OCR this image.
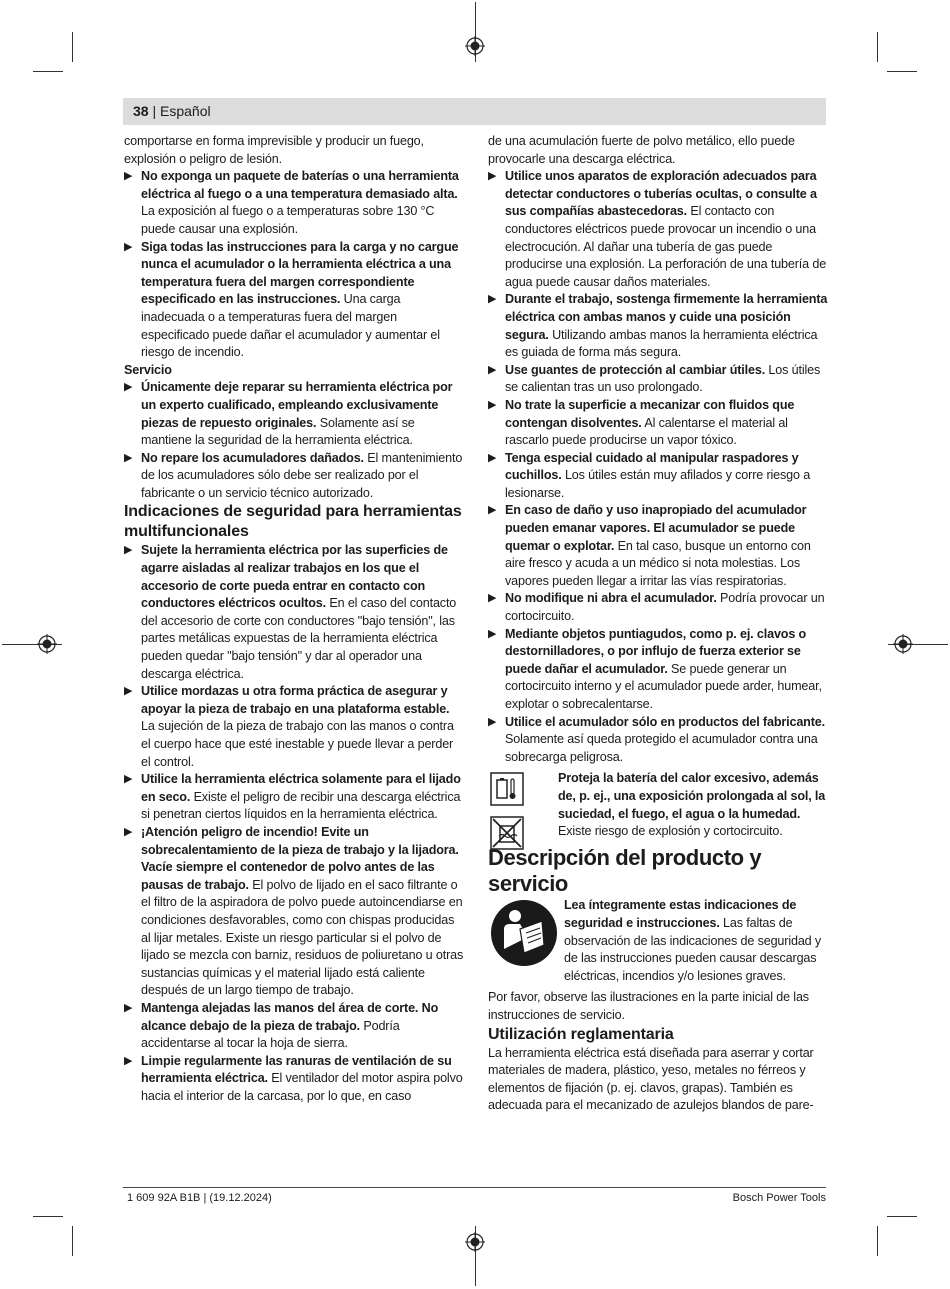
38 | Español

comportarse en forma imprevisible y producir un fuego, explosión o peligro de lesión.

▶ No exponga un paquete de baterías o una herramienta eléctrica al fuego o a una temperatura demasiado alta. La exposición al fuego o a temperaturas sobre 130 °C puede causar una explosión.

▶ Siga todas las instrucciones para la carga y no cargue nunca el acumulador o la herramienta eléctrica a una temperatura fuera del margen correspondiente especificado en las instrucciones. Una carga inadecuada o a temperaturas fuera del margen especificado puede dañar el acumulador y aumentar el riesgo de incendio.

Servicio

▶ Únicamente deje reparar su herramienta eléctrica por un experto cualificado, empleando exclusivamente piezas de repuesto originales. Solamente así se mantiene la seguridad de la herramienta eléctrica.

▶ No repare los acumuladores dañados. El mantenimiento de los acumuladores sólo debe ser realizado por el fabricante o un servicio técnico autorizado.

Indicaciones de seguridad para herramientas multifuncionales

▶ Sujete la herramienta eléctrica por las superficies de agarre aisladas al realizar trabajos en los que el accesorio de corte pueda entrar en contacto con conductores eléctricos ocultos. En el caso del contacto del accesorio de corte con conductores "bajo tensión", las partes metálicas expuestas de la herramienta eléctrica pueden quedar "bajo tensión" y dar al operador una descarga eléctrica.

▶ Utilice mordazas u otra forma práctica de asegurar y apoyar la pieza de trabajo en una plataforma estable. La sujeción de la pieza de trabajo con las manos o contra el cuerpo hace que esté inestable y puede llevar a perder el control.

▶ Utilice la herramienta eléctrica solamente para el lijado en seco. Existe el peligro de recibir una descarga eléctrica si penetran ciertos líquidos en la herramienta eléctrica.

▶ ¡Atención peligro de incendio! Evite un sobrecalentamiento de la pieza de trabajo y la lijadora. Vacíe siempre el contenedor de polvo antes de las pausas de trabajo. El polvo de lijado en el saco filtrante o el filtro de la aspiradora de polvo puede autoincendiarse en condiciones desfavorables, como con chispas producidas al lijar metales. Existe un riesgo particular si el polvo de lijado se mezcla con barniz, residuos de poliuretano u otras sustancias químicas y el material lijado está caliente después de un largo tiempo de trabajo.

▶ Mantenga alejadas las manos del área de corte. No alcance debajo de la pieza de trabajo. Podría accidentarse al tocar la hoja de sierra.

▶ Limpie regularmente las ranuras de ventilación de su herramienta eléctrica. El ventilador del motor aspira polvo hacia el interior de la carcasa, por lo que, en caso

de una acumulación fuerte de polvo metálico, ello puede provocarle una descarga eléctrica.

▶ Utilice unos aparatos de exploración adecuados para detectar conductores o tuberías ocultas, o consulte a sus compañías abastecedoras. El contacto con conductores eléctricos puede provocar un incendio o una electrocución. Al dañar una tubería de gas puede producirse una explosión. La perforación de una tubería de agua puede causar daños materiales.

▶ Durante el trabajo, sostenga firmemente la herramienta eléctrica con ambas manos y cuide una posición segura. Utilizando ambas manos la herramienta eléctrica es guiada de forma más segura.

▶ Use guantes de protección al cambiar útiles. Los útiles se calientan tras un uso prolongado.

▶ No trate la superficie a mecanizar con fluidos que contengan disolventes. Al calentarse el material al rascarlo puede producirse un vapor tóxico.

▶ Tenga especial cuidado al manipular raspadores y cuchillos. Los útiles están muy afilados y corre riesgo a lesionarse.

▶ En caso de daño y uso inapropiado del acumulador pueden emanar vapores. El acumulador se puede quemar o explotar. En tal caso, busque un entorno con aire fresco y acuda a un médico si nota molestias. Los vapores pueden llegar a irritar las vías respiratorias.

▶ No modifique ni abra el acumulador. Podría provocar un cortocircuito.

▶ Mediante objetos puntiagudos, como p. ej. clavos o destornilladores, o por influjo de fuerza exterior se puede dañar el acumulador. Se puede generar un cortocircuito interno y el acumulador puede arder, humear, explotar o sobrecalentarse.

▶ Utilice el acumulador sólo en productos del fabricante. Solamente así queda protegido el acumulador contra una sobrecarga peligrosa.

Proteja la batería del calor excesivo, además de, p. ej., una exposición prolongada al sol, la suciedad, el fuego, el agua o la humedad. Existe riesgo de explosión y cortocircuito.

Descripción del producto y servicio

Lea íntegramente estas indicaciones de seguridad e instrucciones. Las faltas de observación de las indicaciones de seguridad y de las instrucciones pueden causar descargas eléctricas, incendios y/o lesiones graves.

Por favor, observe las ilustraciones en la parte inicial de las instrucciones de servicio.

Utilización reglamentaria

La herramienta eléctrica está diseñada para aserrar y cortar materiales de madera, plástico, yeso, metales no férreos y elementos de fijación (p. ej. clavos, grapas). También es adecuada para el mecanizado de azulejos blandos de pare-

1 609 92A B1B | (19.12.2024)	Bosch Power Tools
